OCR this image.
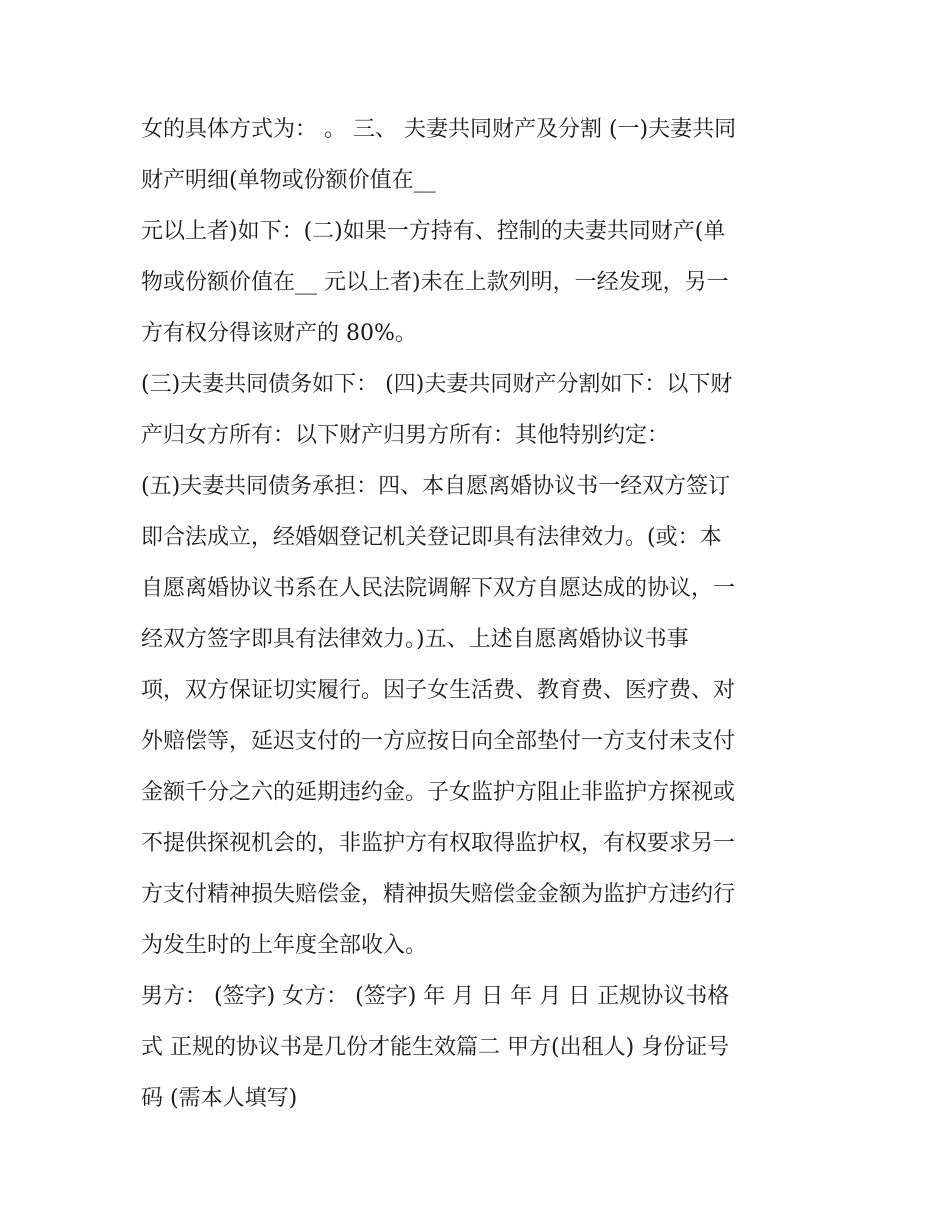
女的具体方式为： 。 三、 夫妻共同财产及分割 (一)夫妻共同
财产明细(单物或份额价值在__
元以上者)如下：(二)如果一方持有、控制的夫妻共同财产(单
物或份额价值在__ 元以上者)未在上款列明，一经发现，另一
方有权分得该财产的 80%。
(三)夫妻共同债务如下： (四)夫妻共同财产分割如下：以下财
产归女方所有：以下财产归男方所有：其他特别约定：
(五)夫妻共同债务承担：四、本自愿离婚协议书一经双方签订
即合法成立，经婚姻登记机关登记即具有法律效力。(或：本
自愿离婚协议书系在人民法院调解下双方自愿达成的协议，一
经双方签字即具有法律效力。)五、上述自愿离婚协议书事
项，双方保证切实履行。因子女生活费、教育费、医疗费、对
外赔偿等，延迟支付的一方应按日向全部垫付一方支付未支付
金额千分之六的延期违约金。子女监护方阻止非监护方探视或
不提供探视机会的，非监护方有权取得监护权，有权要求另一
方支付精神损失赔偿金，精神损失赔偿金金额为监护方违约行
为发生时的上年度全部收入。
男方： (签字) 女方： (签字) 年 月 日 年 月 日 正规协议书格
式 正规的协议书是几份才能生效篇二 甲方(出租人) 身份证号
码 (需本人填写)
